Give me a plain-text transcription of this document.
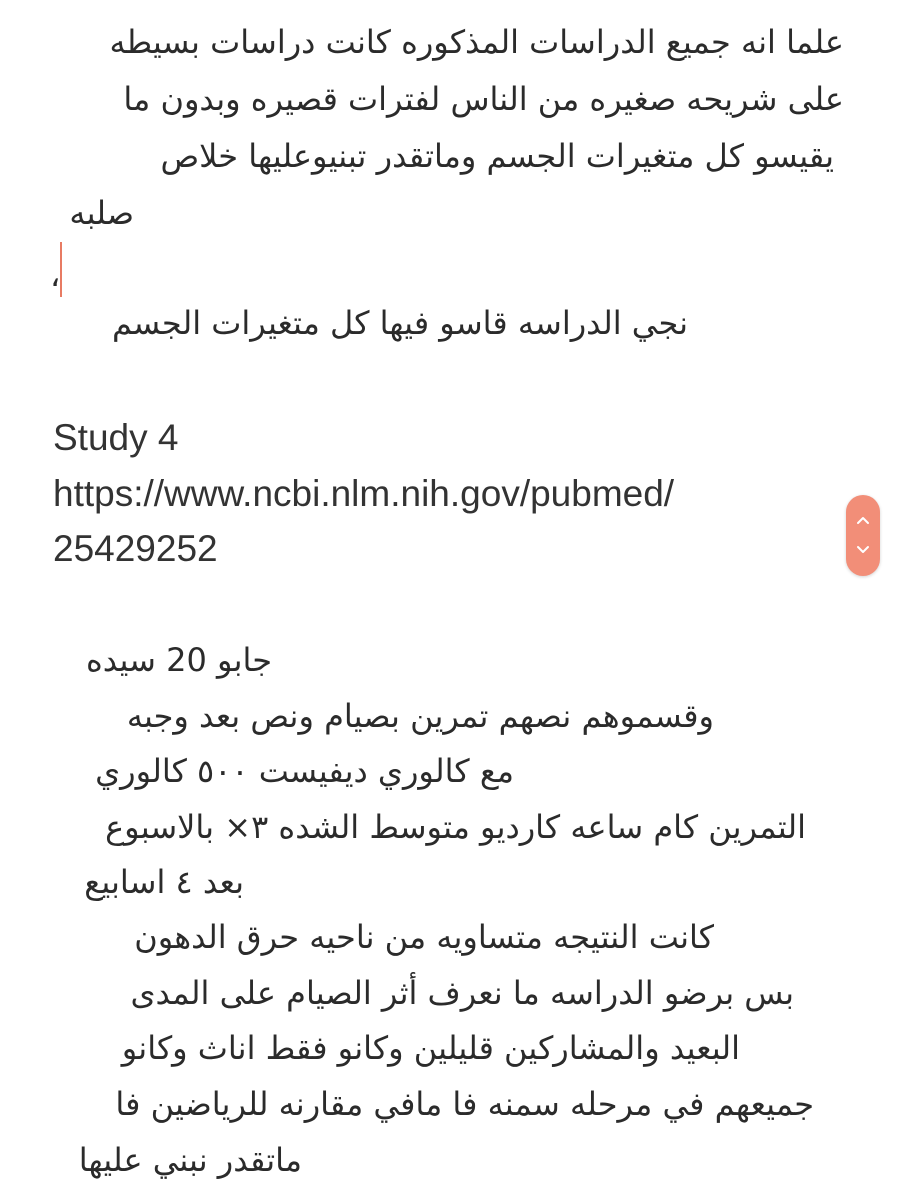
علما انه جميع الدراسات المذكوره كانت دراسات بسيطه
على شريحه صغيره من الناس لفترات قصيره وبدون ما
يقيسو كل متغيرات الجسم وماتقدر تبنيوعليها خلاص
صلبه
،
نجي الدراسه قاسو فيها كل متغيرات الجسم
Study 4
https://www.ncbi.nlm.nih.gov/pubmed/
25429252
جابو 20 سيده
وقسموهم نصهم تمرين بصيام ونص بعد وجبه
مع كالوري ديفيست ٥٠٠ كالوري
التمرين كام ساعه كارديو متوسط الشده ٣× بالاسبوع
بعد ٤ اسابيع
كانت النتيجه متساويه من ناحيه حرق الدهون
بس برضو الدراسه ما نعرف أثر الصيام على المدى
البعيد والمشاركين قليلين وكانو فقط اناث وكانو
جميعهم في مرحله سمنه فا مافي مقارنه للرياضين فا
ماتقدر نبني عليها
